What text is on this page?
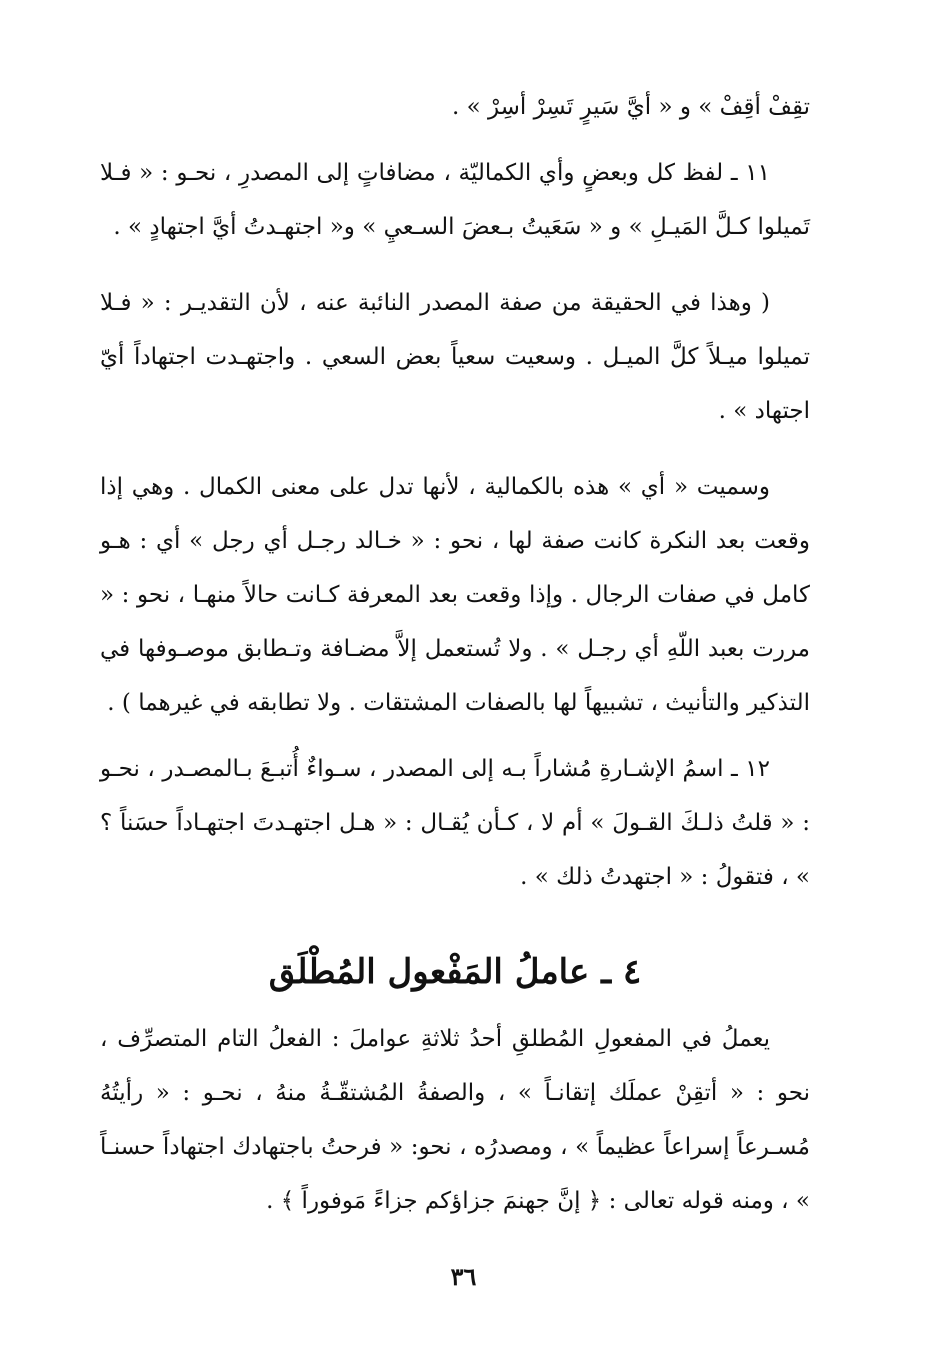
تقِفْ أقِفْ » و « أيَّ سَيرٍ تَسِرْ أسِرْ » .

١١ ـ لفظ كل وبعضٍ وأي الكماليّة ، مضافاتٍ إلى المصدرِ ، نحـو : « فـلا تَميلوا كـلَّ المَيـلِ » و « سَعَيتُ بـعضَ السـعيِ » و« اجتهـدتُ أيَّ اجتهادٍ » .

( وهذا في الحقيقة من صفة المصدر النائبة عنه ، لأن التقديـر : « فـلا تميلوا ميـلاً كلَّ الميـل . وسعيت سعياً بعض السعي . واجتهـدت اجتهاداً أيّ اجتهاد » .

وسميت « أي » هذه بالكمالية ، لأنها تدل على معنى الكمال . وهي إذا وقعت بعد النكرة كانت صفة لها ، نحو : « خـالد رجـل أي رجل » أي : هـو كامل في صفات الرجال . وإذا وقعت بعد المعرفة كـانت حالاً منهـا ، نحو : « مررت بعبد اللّهِ أي رجـل » . ولا تُستعمل إلاَّ مضـافة وتـطابق موصـوفها في التذكير والتأنيث ، تشبيهاً لها بالصفات المشتقات . ولا تطابقه في غيرهما ) .

١٢ ـ اسمُ الإشـارةِ مُشاراً بـه إلى المصدر ، سـواءٌ أُتبـعَ بـالمصـدر ، نحـو : « قلتُ ذلـكَ القـولَ » أم لا ، كـأن يُقـال : « هـل اجتهـدتَ اجتهـاداً حسَناً ؟ » ، فتقولُ : « اجتهدتُ ذلك » .

٤ ـ عاملُ المَفْعول المُطْلَق

يعملُ في المفعولِ المُطلقِ أحدُ ثلاثةِ عواملَ : الفعلُ التام المتصرِّف ، نحو : « أتقِنْ عملَك إتقانـاً » ، والصفةُ المُشتقّـةُ منهُ ، نحـو : « رأيتُهُ مُسـرعاً إسراعاً عظيماً » ، ومصدرُه ، نحو: « فرحتُ باجتهادك اجتهاداً حسنـاً » ، ومنه قوله تعالى : ﴿ إنَّ جهنمَ جزاؤكم جزاءً مَوفوراً ﴾ .

٣٦
